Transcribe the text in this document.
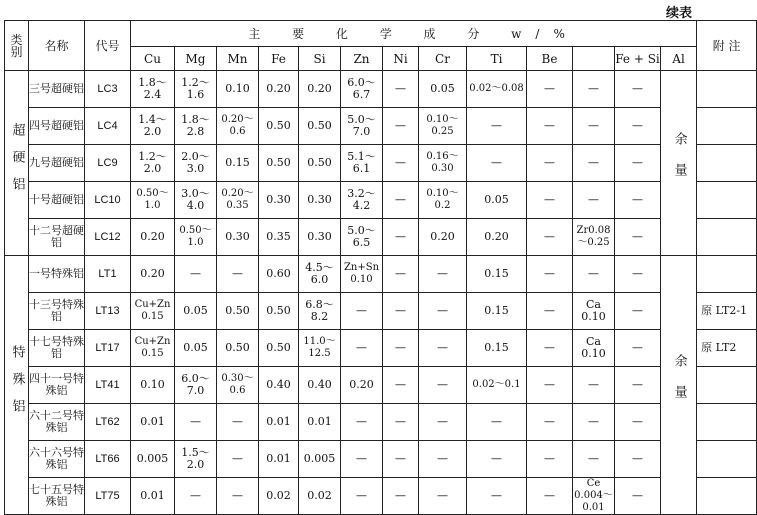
续表
类别	名称	代号	主 要 化 学 成 分 w/%													附 注
			Cu	Mg	Mn	Fe	Si	Zn	Ni	Cr	Ti	Be		Fe + Si	Al	
超硬铝	三号超硬铝	LC3	1.8～2.4	1.2～1.6	0.10	0.20	0.20	6.0～6.7	—	0.05	0.02～0.08	—	—	—	余量	
	四号超硬铝	LC4	1.4～2.0	1.8～2.8	0.20～0.6	0.50	0.50	5.0～7.0	—	0.10～0.25	—	—	—	—		
	九号超硬铝	LC9	1.2～2.0	2.0～3.0	0.15	0.50	0.50	5.1～6.1	—	0.16～0.30	—	—	—	—		
	十号超硬铝	LC10	0.50～1.0	3.0～4.0	0.20～0.35	0.30	0.30	3.2～4.2	—	0.10～0.2	0.05	—	—	—		
	十二号超硬铝	LC12	0.20	0.50～1.0	0.30	0.35	0.30	5.0～6.5	—	0.20	0.20	—	Zr0.08～0.25	—		
特殊铝	一号特殊铝	LT1	0.20	—	—	0.60	4.5～6.0	Zn+Sn 0.10	—	—	0.15	—	—	—	余量	
	十三号特殊铝	LT13	Cu+Zn 0.15	0.05	0.50	0.50	6.8～8.2	—	—	—	0.15	—	Ca 0.10	—		原 LT2-1
	十七号特殊铝	LT17	Cu+Zn 0.15	0.05	0.50	0.50	11.0～12.5	—	—	—	0.15	—	Ca 0.10	—		原 LT2
	四十一号特殊铝	LT41	0.10	6.0～7.0	0.30～0.6	0.40	0.40	0.20	—	—	0.02～0.1	—	—	—		
	六十二号特殊铝	LT62	0.01	—	—	0.01	0.01	—	—	—	—	—	—	—		
	六十六号特殊铝	LT66	0.005	1.5～2.0	—	0.01	0.005	—	—	—	—	—	—	—		
	七十五号特殊铝	LT75	0.01	—	—	0.02	0.02	—	—	—	—	—	Ce 0.004～0.01	—		
